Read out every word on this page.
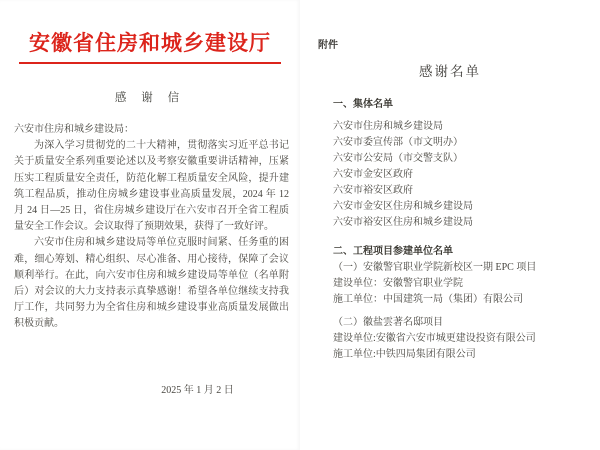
安徽省住房和城乡建设厅
感 谢 信
六安市住房和城乡建设局：
为深入学习贯彻党的二十大精神，贯彻落实习近平总书记关于质量安全系列重要论述以及考察安徽重要讲话精神，压紧压实工程质量安全责任，防范化解工程质量安全风险，提升建筑工程品质，推动住房城乡建设事业高质量发展，2024 年 12 月 24 日—25 日，省住房城乡建设厅在六安市召开全省工程质量安全工作会议。会议取得了预期效果，获得了一致好评。
六安市住房和城乡建设局等单位克服时间紧、任务重的困难，细心筹划、精心组织、尽心准备、用心接待，保障了会议顺利举行。在此，向六安市住房和城乡建设局等单位（名单附后）对会议的大力支持表示真挚感谢！希望各单位继续支持我厅工作，共同努力为全省住房和城乡建设事业高质量发展做出积极贡献。
2025 年 1 月 2 日
附件
感谢名单
一、集体名单
六安市住房和城乡建设局
六安市委宣传部（市文明办）
六安市公安局（市交警支队）
六安市金安区政府
六安市裕安区政府
六安市金安区住房和城乡建设局
六安市裕安区住房和城乡建设局
二、工程项目参建单位名单
（一）安徽警官职业学院新校区一期 EPC 项目
建设单位：安徽警官职业学院
施工单位：中国建筑一局（集团）有限公司
（二）徽盐雲著名邸项目
建设单位:安徽省六安市城更建设投资有限公司
施工单位:中铁四局集团有限公司
